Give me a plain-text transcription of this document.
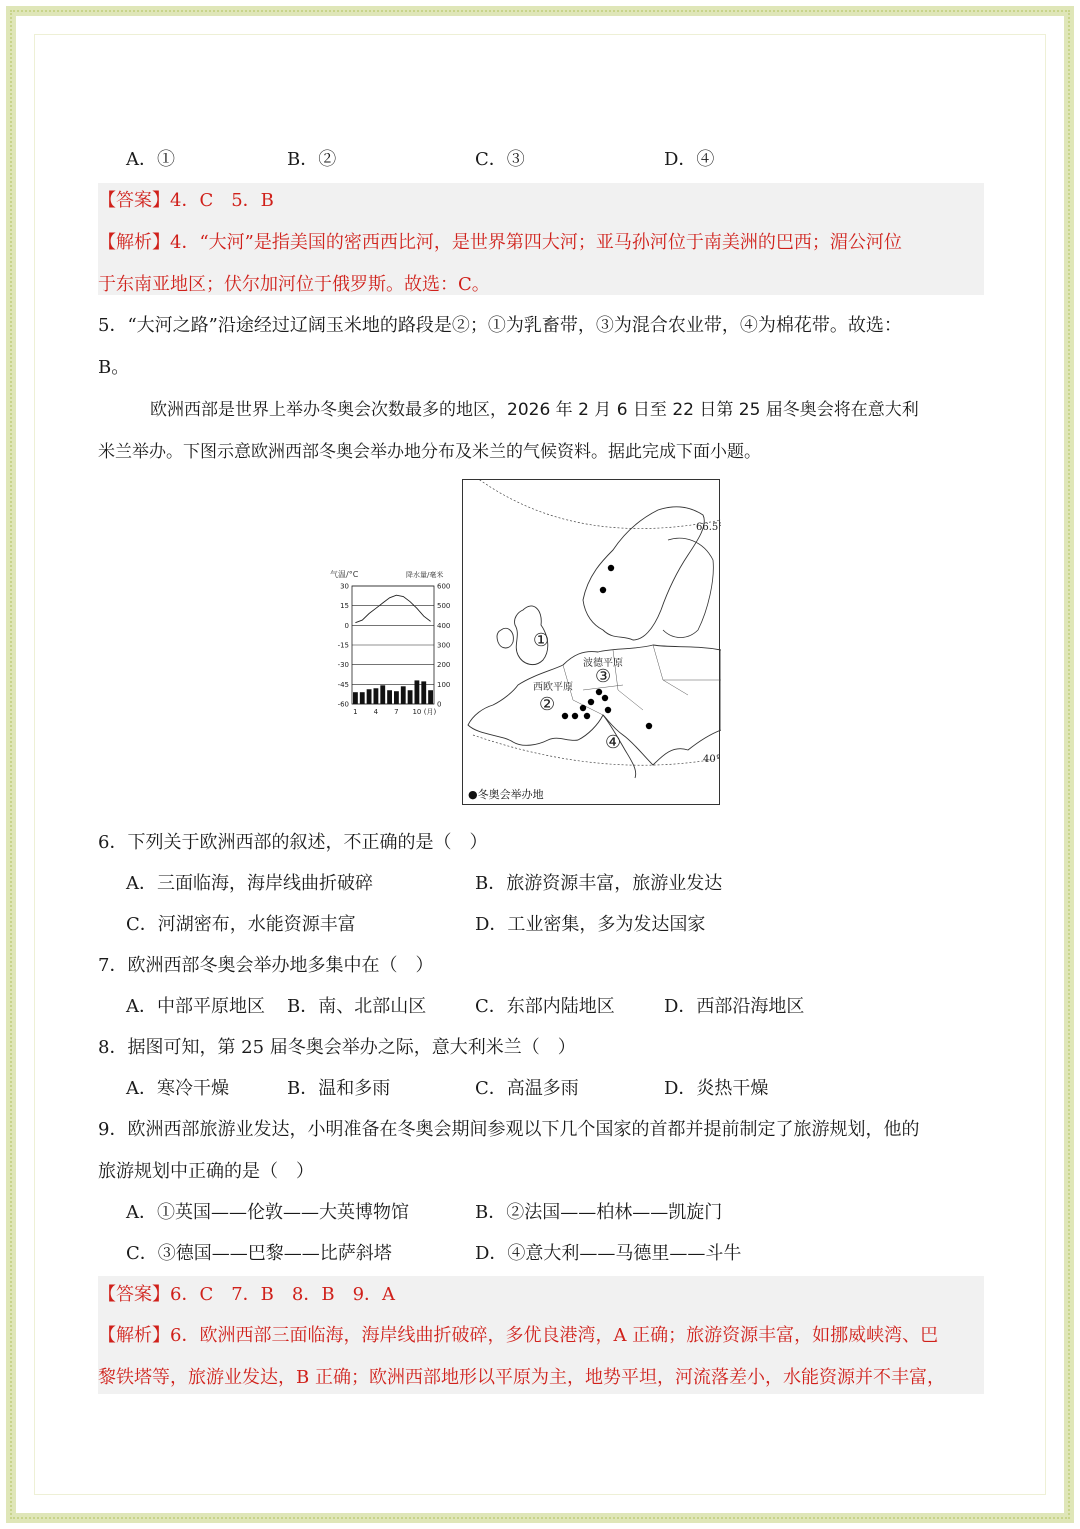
A．①	B．②	C．③	D．④
【答案】4．C　5．B
【解析】4．“大河”是指美国的密西西比河，是世界第四大河；亚马孙河位于南美洲的巴西；湄公河位
于东南亚地区；伏尔加河位于俄罗斯。故选：C。
5．“大河之路”沿途经过辽阔玉米地的路段是②；①为乳畜带，③为混合农业带，④为棉花带。故选：
B。
欧洲西部是世界上举办冬奥会次数最多的地区，2026 年 2 月 6 日至 22 日第 25 届冬奥会将在意大利
米兰举办。下图示意欧洲西部冬奥会举办地分布及米兰的气候资料。据此完成下面小题。
气温/°C	降水量/毫米
30
15
0
-15
-30
-45
-60
600
500
400
300
200
100
0
1 4 7 10 (月)
66.5°
40°
①
②
③
④
波德平原
西欧平原
●冬奥会举办地
6．下列关于欧洲西部的叙述，不正确的是（　）
A．三面临海，海岸线曲折破碎	B．旅游资源丰富，旅游业发达
C．河湖密布，水能资源丰富	D．工业密集，多为发达国家
7．欧洲西部冬奥会举办地多集中在（　）
A．中部平原地区 B．南、北部山区	C．东部内陆地区	D．西部沿海地区
8．据图可知，第 25 届冬奥会举办之际，意大利米兰（　）
A．寒冷干燥	B．温和多雨	C．高温多雨	D．炎热干燥
9．欧洲西部旅游业发达，小明准备在冬奥会期间参观以下几个国家的首都并提前制定了旅游规划，他的
旅游规划中正确的是（　）
A．①英国——伦敦——大英博物馆	B．②法国——柏林——凯旋门
C．③德国——巴黎——比萨斜塔	D．④意大利——马德里——斗牛
【答案】6．C　7．B　8．B　9．A
【解析】6．欧洲西部三面临海，海岸线曲折破碎，多优良港湾，A 正确；旅游资源丰富，如挪威峡湾、巴
黎铁塔等，旅游业发达，B 正确；欧洲西部地形以平原为主，地势平坦，河流落差小，水能资源并不丰富，
